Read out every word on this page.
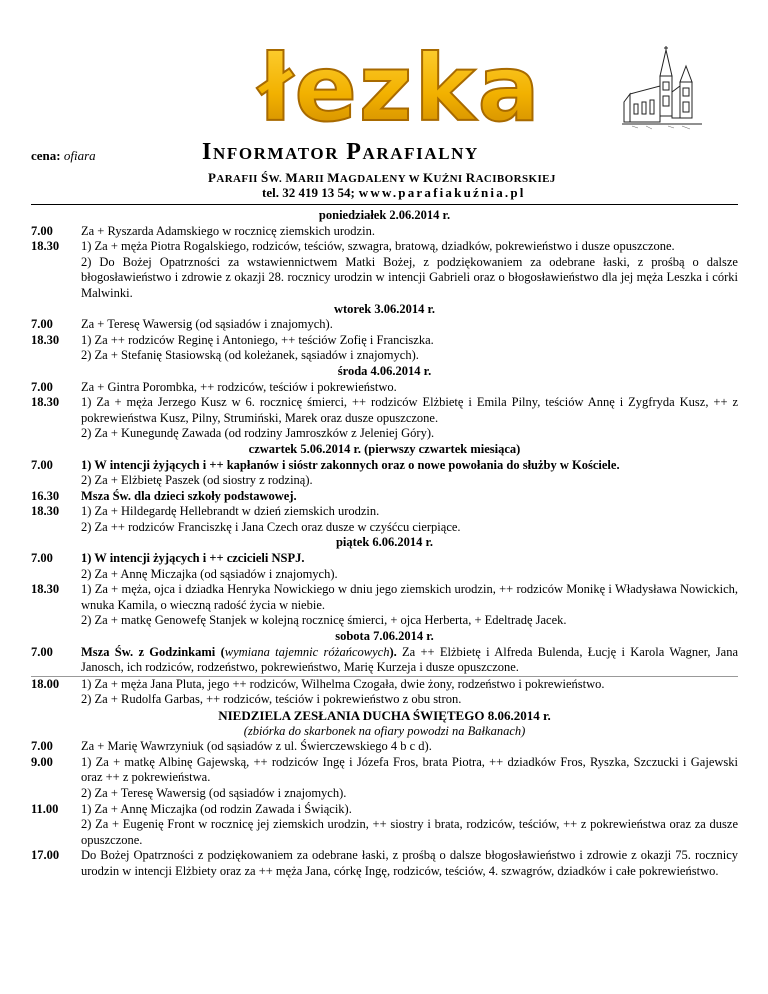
łezka
cena: ofiara	INFORMATOR PARAFIALNY
PARAFII ŚW. MARII MAGDALENY W KUŹNI RACIBORSKIEJ
tel. 32 419 13 54; www.parafiakuźnia.pl
poniedziałek 2.06.2014 r.
7.00	Za + Ryszarda Adamskiego w rocznicę ziemskich urodzin.
18.30	1) Za + męża Piotra Rogalskiego, rodziców, teściów, szwagra, bratową, dziadków, pokrewieństwo i dusze opuszczone.
2) Do Bożej Opatrzności za wstawiennictwem Matki Bożej, z podziękowaniem za odebrane łaski, z prośbą o dalsze błogosławieństwo i zdrowie z okazji 28. rocznicy urodzin w intencji Gabrieli oraz o błogosławieństwo dla jej męża Leszka i córki Malwinki.
wtorek 3.06.2014 r.
7.00	Za + Teresę Wawersig (od sąsiadów i znajomych).
18.30	1) Za ++ rodziców Reginę i Antoniego, ++ teściów Zofię i Franciszka.
2) Za + Stefanię Stasiowską (od koleżanek, sąsiadów i znajomych).
środa 4.06.2014 r.
7.00	Za + Gintra Porombka, ++ rodziców, teściów i pokrewieństwo.
18.30	1) Za + męża Jerzego Kusz w 6. rocznicę śmierci, ++ rodziców Elżbietę i Emila Pilny, teściów Annę i Zygfryda Kusz, ++ z pokrewieństwa Kusz, Pilny, Strumiński, Marek oraz dusze opuszczone.
2) Za + Kunegundę Zawada (od rodziny Jamroszków z Jeleniej Góry).
czwartek 5.06.2014 r. (pierwszy czwartek miesiąca)
7.00	1) W intencji żyjących i ++ kapłanów i sióstr zakonnych oraz o nowe powołania do służby w Kościele.
2) Za + Elżbietę Paszek (od siostry z rodziną).
16.30	Msza Św. dla dzieci szkoły podstawowej.
18.30	1) Za + Hildegardę Hellebrandt w dzień ziemskich urodzin.
2) Za ++ rodziców Franciszkę i Jana Czech oraz dusze w czyśćcu cierpiące.
piątek 6.06.2014 r.
7.00	1) W intencji żyjących i ++ czcicieli NSPJ.
2) Za + Annę Miczajka (od sąsiadów i znajomych).
18.30	1) Za + męża, ojca i dziadka Henryka Nowickiego w dniu jego ziemskich urodzin, ++ rodziców Monikę i Władysława Nowickich, wnuka Kamila, o wieczną radość życia w niebie.
2) Za + matkę Genowefę Stanjek w kolejną rocznicę śmierci, + ojca Herberta, + Edeltradę Jacek.
sobota 7.06.2014 r.
7.00	Msza Św. z Godzinkami (wymiana tajemnic różańcowych). Za ++ Elżbietę i Alfreda Bulenda, Łucję i Karola Wagner, Jana Janosch, ich rodziców, rodzeństwo, pokrewieństwo, Marię Kurzeja i dusze opuszczone.
18.00	1) Za + męża Jana Pluta, jego ++ rodziców, Wilhelma Czogała, dwie żony, rodzeństwo i pokrewieństwo.
2) Za + Rudolfa Garbas, ++ rodziców, teściów i pokrewieństwo z obu stron.
NIEDZIELA ZESŁANIA DUCHA ŚWIĘTEGO 8.06.2014 r.
(zbiórka do skarbonek na ofiary powodzi na Bałkanach)
7.00	Za + Marię Wawrzyniuk (od sąsiadów z ul. Świerczewskiego 4 b c d).
9.00	1) Za + matkę Albinę Gajewską, ++ rodziców Ingę i Józefa Fros, brata Piotra, ++ dziadków Fros, Ryszka, Szczucki i Gajewski oraz ++ z pokrewieństwa.
2) Za + Teresę Wawersig (od sąsiadów i znajomych).
11.00	1) Za + Annę Miczajka (od rodzin Zawada i Świącik).
2) Za + Eugenię Front w rocznicę jej ziemskich urodzin, ++ siostry i brata, rodziców, teściów, ++ z pokrewieństwa oraz za dusze opuszczone.
17.00	Do Bożej Opatrzności z podziękowaniem za odebrane łaski, z prośbą o dalsze błogosławieństwo i zdrowie z okazji 75. rocznicy urodzin w intencji Elżbiety oraz za ++ męża Jana, córkę Ingę, rodziców, teściów, 4. szwagrów, dziadków i całe pokrewieństwo.
